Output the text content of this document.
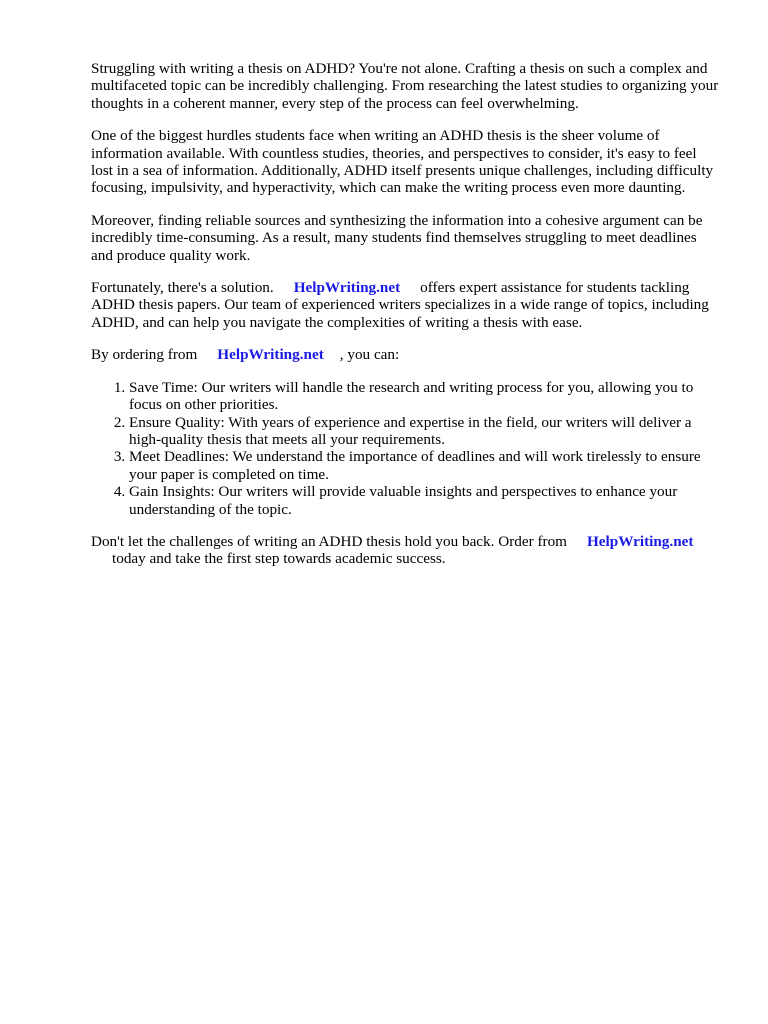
Struggling with writing a thesis on ADHD? You're not alone. Crafting a thesis on such a complex and multifaceted topic can be incredibly challenging. From researching the latest studies to organizing your thoughts in a coherent manner, every step of the process can feel overwhelming.

One of the biggest hurdles students face when writing an ADHD thesis is the sheer volume of information available. With countless studies, theories, and perspectives to consider, it's easy to feel lost in a sea of information. Additionally, ADHD itself presents unique challenges, including difficulty focusing, impulsivity, and hyperactivity, which can make the writing process even more daunting.

Moreover, finding reliable sources and synthesizing the information into a cohesive argument can be incredibly time-consuming. As a result, many students find themselves struggling to meet deadlines and produce quality work.

Fortunately, there's a solution. HelpWriting.net offers expert assistance for students tackling ADHD thesis papers. Our team of experienced writers specializes in a wide range of topics, including ADHD, and can help you navigate the complexities of writing a thesis with ease.

By ordering from HelpWriting.net , you can:

1. Save Time: Our writers will handle the research and writing process for you, allowing you to focus on other priorities.
2. Ensure Quality: With years of experience and expertise in the field, our writers will deliver a high-quality thesis that meets all your requirements.
3. Meet Deadlines: We understand the importance of deadlines and will work tirelessly to ensure your paper is completed on time.
4. Gain Insights: Our writers will provide valuable insights and perspectives to enhance your understanding of the topic.

Don't let the challenges of writing an ADHD thesis hold you back. Order from HelpWriting.net
today and take the first step towards academic success.
